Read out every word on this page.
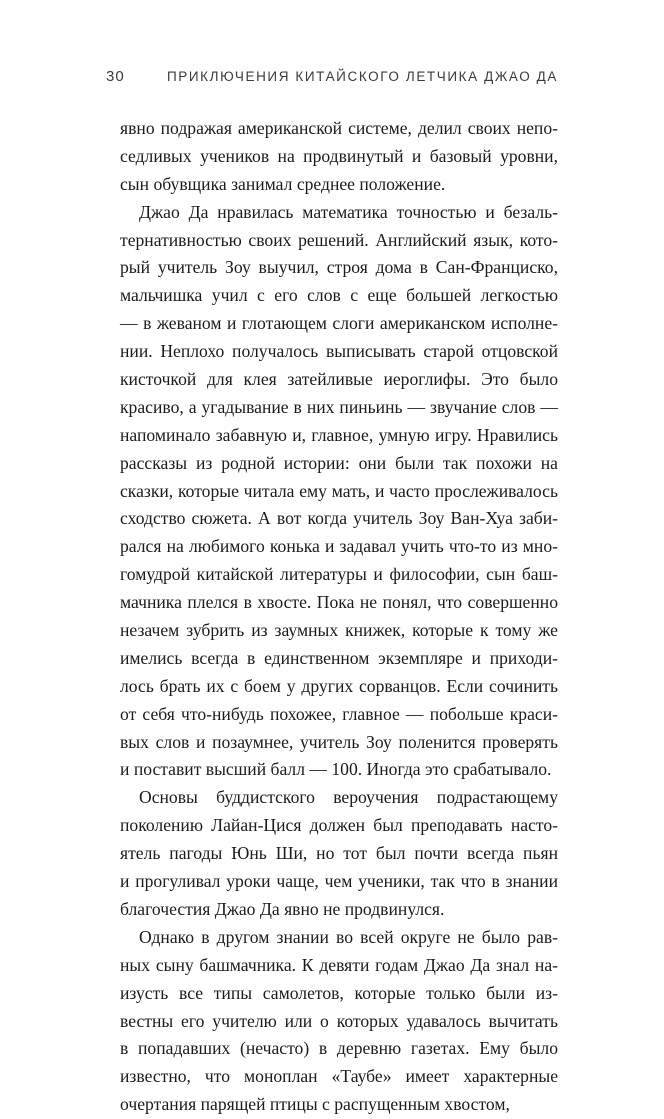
30	ПРИКЛЮЧЕНИЯ КИТАЙСКОГО ЛЕТЧИКА ДЖАО ДА
явно подражая американской системе, делил своих непо-
седливых учеников на продвинутый и базовый уровни,
сын обувщика занимал среднее положение.
Джао Да нравилась математика точностью и безаль-
тернативностью своих решений. Английский язык, кото-
рый учитель Зоу выучил, строя дома в Сан-Франциско,
мальчишка учил с его слов с еще большей легкостью
— в жеваном и глотающем слоги американском исполне-
нии. Неплохо получалось выписывать старой отцовской
кисточкой для клея затейливые иероглифы. Это было
красиво, а угадывание в них пиньинь — звучание слов —
напоминало забавную и, главное, умную игру. Нравились
рассказы из родной истории: они были так похожи на
сказки, которые читала ему мать, и часто прослеживалось
сходство сюжета. А вот когда учитель Зоу Ван-Хуа заби-
рался на любимого конька и задавал учить что-то из мно-
гомудрой китайской литературы и философии, сын баш-
мачника плелся в хвосте. Пока не понял, что совершенно
незачем зубрить из заумных книжек, которые к тому же
имелись всегда в единственном экземпляре и приходи-
лось брать их с боем у других сорванцов. Если сочинить
от себя что-нибудь похожее, главное — побольше краси-
вых слов и позаумнее, учитель Зоу поленится проверять
и поставит высший балл — 100. Иногда это срабатывало.
Основы буддистского вероучения подрастающему
поколению Лайан-Цися должен был преподавать насто-
ятель пагоды Юнь Ши, но тот был почти всегда пьян
и прогуливал уроки чаще, чем ученики, так что в знании
благочестия Джао Да явно не продвинулся.
Однако в другом знании во всей округе не было рав-
ных сыну башмачника. К девяти годам Джао Да знал на-
изусть все типы самолетов, которые только были из-
вестны его учителю или о которых удавалось вычитать
в попадавших (нечасто) в деревню газетах. Ему было
известно, что моноплан «Таубе» имеет характерные
очертания парящей птицы с распущенным хвостом,
